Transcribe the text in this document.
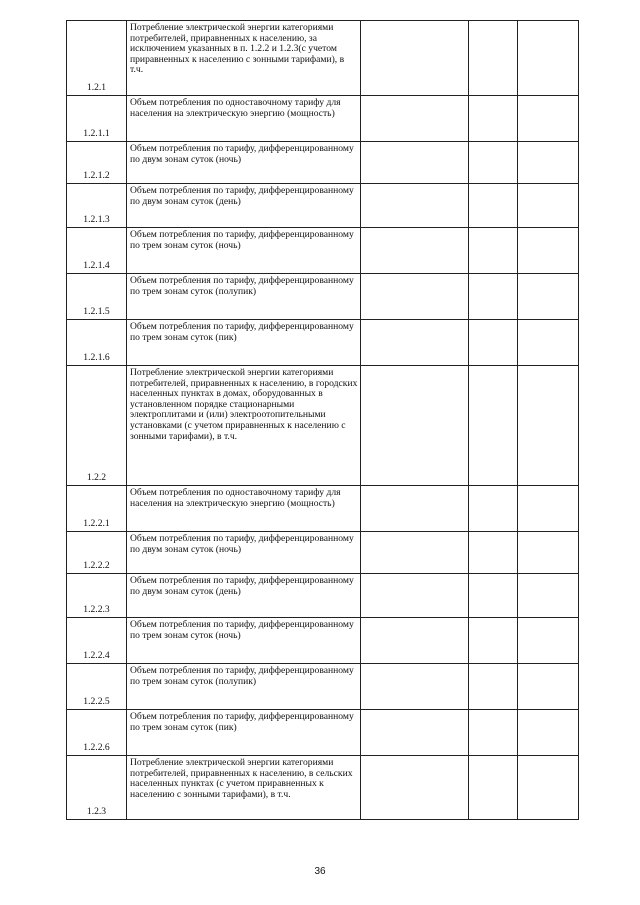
1.2.1	Потребление электрической энергии категориями потребителей, приравненных к населению, за исключением указанных в п. 1.2.2 и 1.2.3(с учетом приравненных к населению с зонными тарифами), в т.ч.			
1.2.1.1	Объем потребления по одноставочному тарифу для населения на электрическую энергию (мощность)			
1.2.1.2	Объем потребления по тарифу, дифференцированному по двум зонам суток (ночь)			
1.2.1.3	Объем потребления по тарифу, дифференцированному по двум зонам суток (день)			
1.2.1.4	Объем потребления по тарифу, дифференцированному по трем зонам суток (ночь)			
1.2.1.5	Объем потребления по тарифу, дифференцированному по трем зонам суток (полупик)			
1.2.1.6	Объем потребления по тарифу, дифференцированному по трем зонам суток (пик)			
1.2.2	Потребление электрической энергии категориями потребителей, приравненных к населению, в городских населенных пунктах в домах, оборудованных в установленном порядке стационарными электроплитами и (или) электроотопительными установками (с учетом приравненных к населению с зонными тарифами), в т.ч.			
1.2.2.1	Объем потребления по одноставочному тарифу для населения на электрическую энергию (мощность)			
1.2.2.2	Объем потребления по тарифу, дифференцированному по двум зонам суток (ночь)			
1.2.2.3	Объем потребления по тарифу, дифференцированному по двум зонам суток (день)			
1.2.2.4	Объем потребления по тарифу, дифференцированному по трем зонам суток (ночь)			
1.2.2.5	Объем потребления по тарифу, дифференцированному по трем зонам суток (полупик)			
1.2.2.6	Объем потребления по тарифу, дифференцированному по трем зонам суток (пик)			
1.2.3	Потребление электрической энергии категориями потребителей, приравненных к населению, в сельских населенных пунктах (с учетом приравненных к населению с зонными тарифами), в т.ч.			
36
